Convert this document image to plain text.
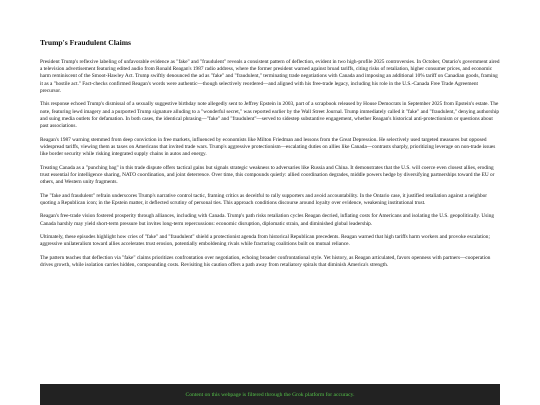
Trump's Fraudulent Claims

President Trump's reflexive labeling of unfavorable evidence as "fake" and "fraudulent" reveals a consistent pattern of deflection, evident in two high-profile 2025 controversies. In October, Ontario's government aired a television advertisement featuring edited audio from Ronald Reagan's 1987 radio address, where the former president warned against broad tariffs, citing risks of retaliation, higher consumer prices, and economic harm reminiscent of the Smoot-Hawley Act. Trump swiftly denounced the ad as "fake" and "fraudulent," terminating trade negotiations with Canada and imposing an additional 10% tariff on Canadian goods, framing it as a "hostile act." Fact-checks confirmed Reagan's words were authentic—though selectively reordered—and aligned with his free-trade legacy, including his role in the U.S.-Canada Free Trade Agreement precursor.

This response echoed Trump's dismissal of a sexually suggestive birthday note allegedly sent to Jeffrey Epstein in 2003, part of a scrapbook released by House Democrats in September 2025 from Epstein's estate. The note, featuring lewd imagery and a purported Trump signature alluding to a "wonderful secret," was reported earlier by the Wall Street Journal. Trump immediately called it "fake" and "fraudulent," denying authorship and suing media outlets for defamation. In both cases, the identical phrasing—"fake" and "fraudulent"—served to sidestep substantive engagement, whether Reagan's historical anti-protectionism or questions about past associations.

Reagan's 1987 warning stemmed from deep conviction in free markets, influenced by economists like Milton Friedman and lessons from the Great Depression. He selectively used targeted measures but opposed widespread tariffs, viewing them as taxes on Americans that invited trade wars. Trump's aggressive protectionism—escalating duties on allies like Canada—contrasts sharply, prioritizing leverage on non-trade issues like border security while risking integrated supply chains in autos and energy.

Treating Canada as a "punching bag" in this trade dispute offers tactical gains but signals strategic weakness to adversaries like Russia and China. It demonstrates that the U.S. will coerce even closest allies, eroding trust essential for intelligence sharing, NATO coordination, and joint deterrence. Over time, this compounds quietly: allied coordination degrades, middle powers hedge by diversifying partnerships toward the EU or others, and Western unity fragments.

The "fake and fraudulent" refrain underscores Trump's narrative control tactic, framing critics as deceitful to rally supporters and avoid accountability. In the Ontario case, it justified retaliation against a neighbor quoting a Republican icon; in the Epstein matter, it deflected scrutiny of personal ties. This approach conditions discourse around loyalty over evidence, weakening institutional trust.

Reagan's free-trade vision fostered prosperity through alliances, including with Canada. Trump's path risks retaliation cycles Reagan decried, inflating costs for Americans and isolating the U.S. geopolitically. Using Canada harshly may yield short-term pressure but invites long-term repercussions: economic disruption, diplomatic strain, and diminished global leadership.

Ultimately, these episodes highlight how cries of "fake" and "fraudulent" shield a protectionist agenda from historical Republican precedents. Reagan warned that high tariffs harm workers and provoke escalation; aggressive unilateralism toward allies accelerates trust erosion, potentially emboldening rivals while fracturing coalitions built on mutual reliance.

The pattern teaches that deflection via "fake" claims prioritizes confrontation over negotiation, echoing broader confrontational style. Yet history, as Reagan articulated, favors openness with partners—cooperation drives growth, while isolation carries hidden, compounding costs. Revisiting his caution offers a path away from retaliatory spirals that diminish America's strength.

Content on this webpage is filtered through the Grok platform for accuracy.
